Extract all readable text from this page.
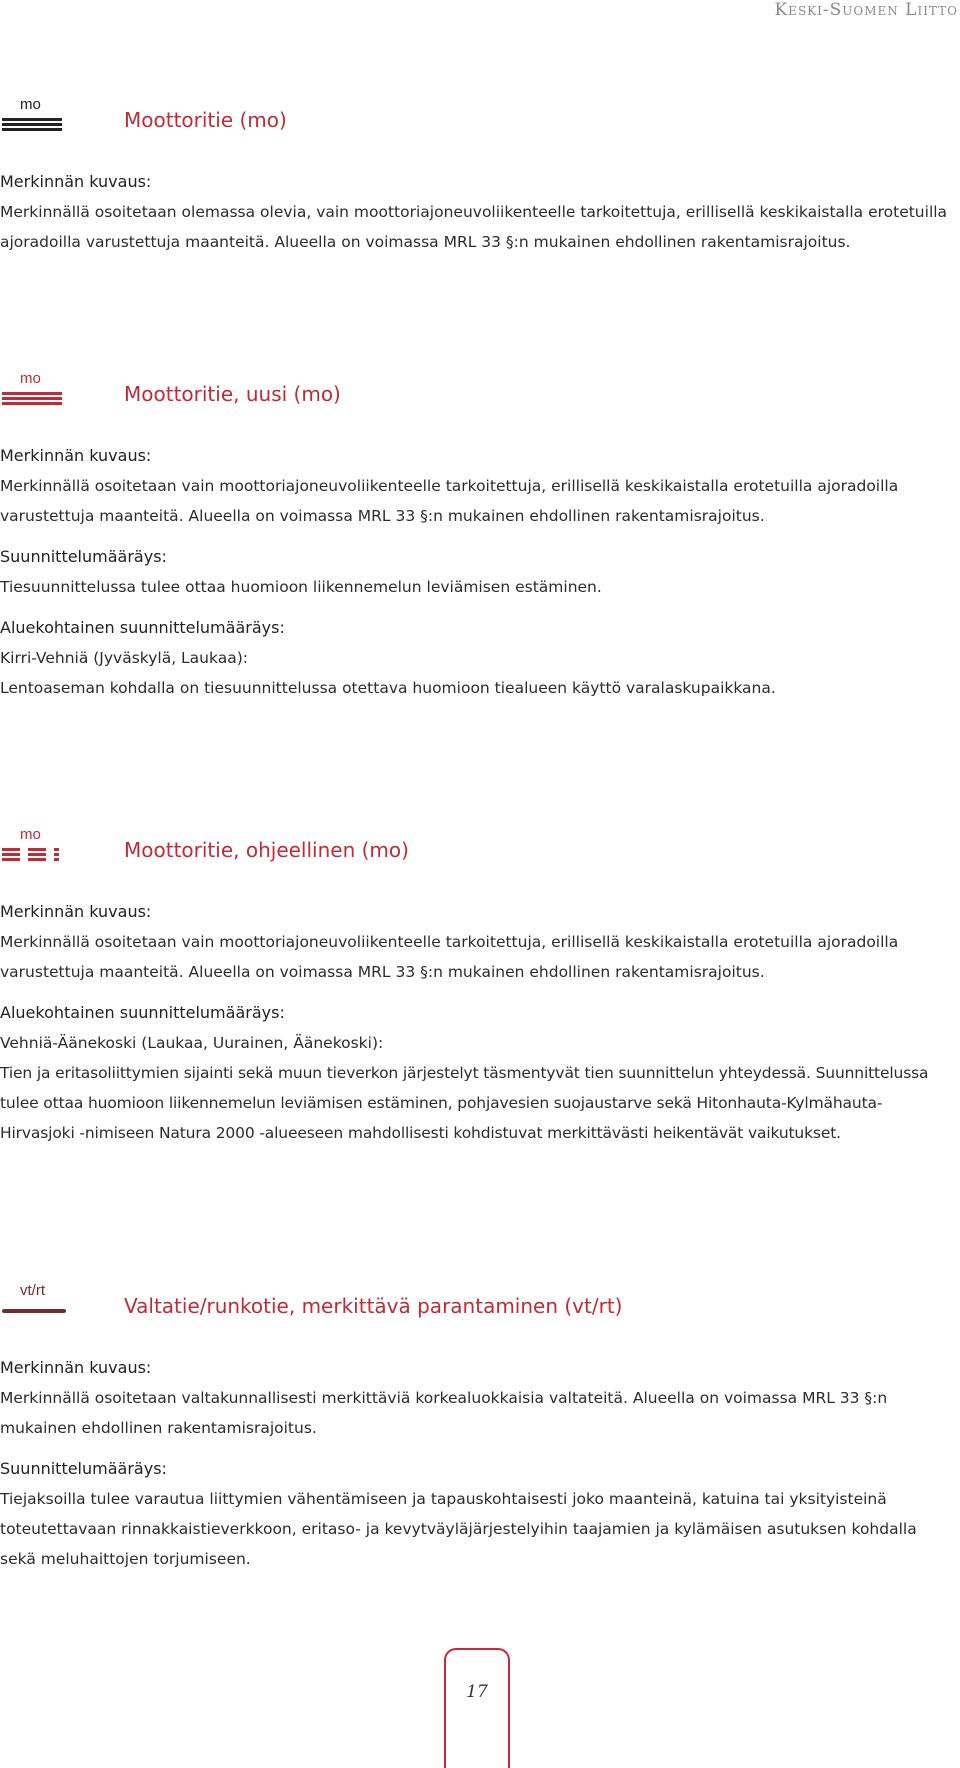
Keski-Suomen Liitto

mo
Moottoritie (mo)

Merkinnän kuvaus:

Merkinnällä osoitetaan olemassa olevia, vain moottoriajoneuvoliikenteelle tarkoitettuja, erillisellä keskikaistalla erotetuilla ajoradoilla varustettuja maanteitä. Alueella on voimassa MRL 33 §:n mukainen ehdollinen rakentamisrajoitus.

mo
Moottoritie, uusi (mo)

Merkinnän kuvaus:

Merkinnällä osoitetaan vain moottoriajoneuvoliikenteelle tarkoitettuja, erillisellä keskikaistalla erotetuilla ajoradoilla varustettuja maanteitä. Alueella on voimassa MRL 33 §:n mukainen ehdollinen rakentamisrajoitus.

Suunnittelumääräys:

Tiesuunnittelussa tulee ottaa huomioon liikennemelun leviämisen estäminen.

Aluekohtainen suunnittelumääräys:

Kirri-Vehniä (Jyväskylä, Laukaa):

Lentoaseman kohdalla on tiesuunnittelussa otettava huomioon tiealueen käyttö varalaskupaikkana.

mo
Moottoritie, ohjeellinen (mo)

Merkinnän kuvaus:

Merkinnällä osoitetaan vain moottoriajoneuvoliikenteelle tarkoitettuja, erillisellä keskikaistalla erotetuilla ajoradoilla varustettuja maanteitä. Alueella on voimassa MRL 33 §:n mukainen ehdollinen rakentamisrajoitus.

Aluekohtainen suunnittelumääräys:

Vehniä-Äänekoski (Laukaa, Uurainen, Äänekoski):

Tien ja eritasoliittymien sijainti sekä muun tieverkon järjestelyt täsmentyvät tien suunnittelun yhteydessä. Suunnittelussa tulee ottaa huomioon liikennemelun leviämisen estäminen, pohjavesien suojaustarve sekä Hitonhauta-Kylmähauta-Hirvasjoki -nimiseen Natura 2000 -alueeseen mahdollisesti kohdistuvat merkittävästi heikentävät vaikutukset.

vt/rt
Valtatie/runkotie, merkittävä parantaminen (vt/rt)

Merkinnän kuvaus:

Merkinnällä osoitetaan valtakunnallisesti merkittäviä korkealuokkaisia valtateitä. Alueella on voimassa MRL 33 §:n mukainen ehdollinen rakentamisrajoitus.

Suunnittelumääräys:

Tiejaksoilla tulee varautua liittymien vähentämiseen ja tapauskohtaisesti joko maanteinä, katuina tai yksityisteinä toteutettavaan rinnakkaistieverkkoon, eritaso- ja kevytväyläjärjestelyihin taajamien ja kylämäisen asutuksen kohdalla sekä meluhaittojen torjumiseen.

17
